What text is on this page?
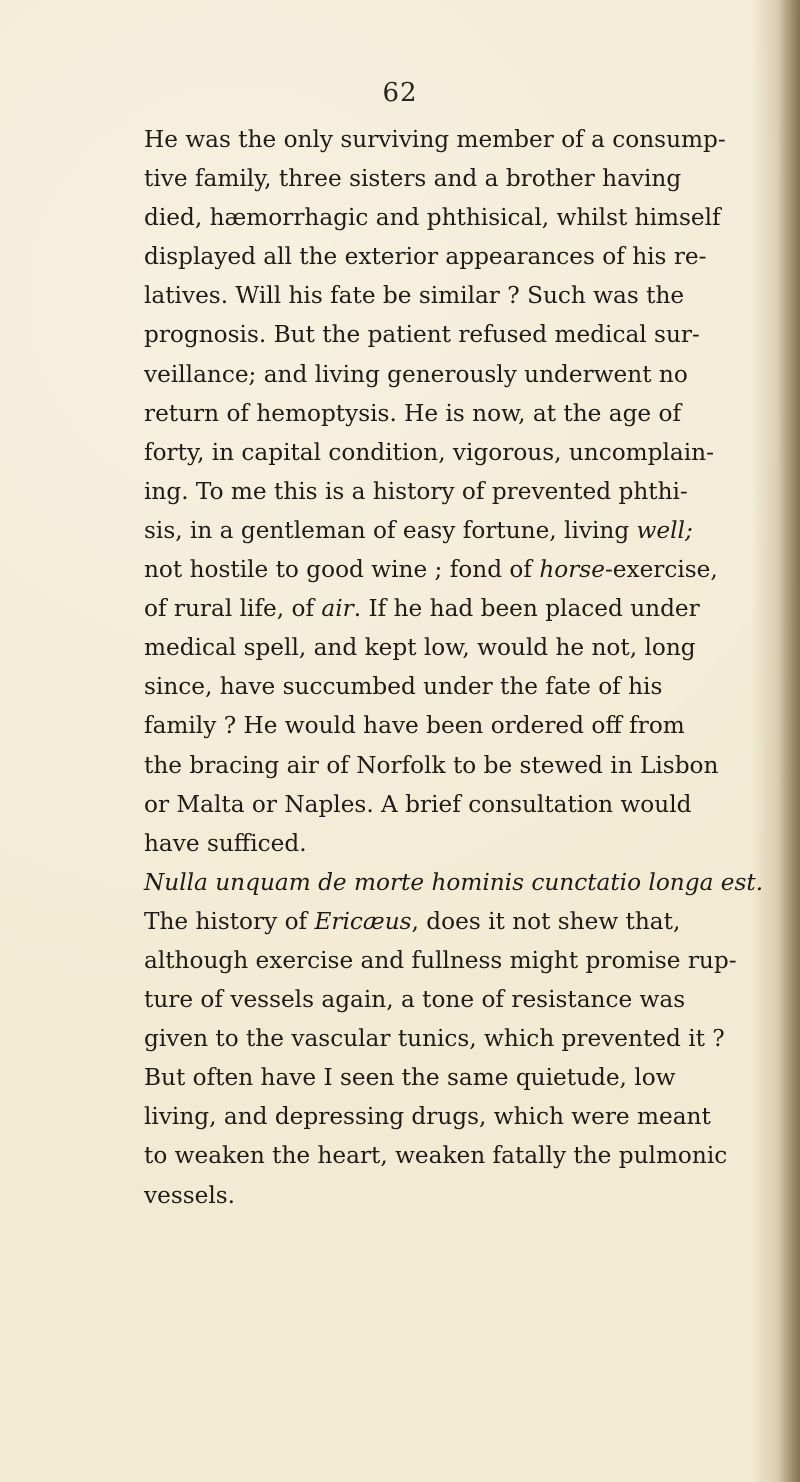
62
He was the only surviving member of a consump-
tive family, three sisters and a brother having
died, hæmorrhagic and phthisical, whilst himself
displayed all the exterior appearances of his re-
latives. Will his fate be similar ? Such was the
prognosis. But the patient refused medical sur-
veillance; and living generously underwent no
return of hemoptysis. He is now, at the age of
forty, in capital condition, vigorous, uncomplain-
ing. To me this is a history of prevented phthi-
sis, in a gentleman of easy fortune, living well;
not hostile to good wine ; fond of horse-exercise,
of rural life, of air. If he had been placed under
medical spell, and kept low, would he not, long
since, have succumbed under the fate of his
family ? He would have been ordered off from
the bracing air of Norfolk to be stewed in Lisbon
or Malta or Naples. A brief consultation would
have sufficed.
Nulla unquam de morte hominis cunctatio longa est.
The history of Ericæus, does it not shew that,
although exercise and fullness might promise rup-
ture of vessels again, a tone of resistance was
given to the vascular tunics, which prevented it ?
But often have I seen the same quietude, low
living, and depressing drugs, which were meant
to weaken the heart, weaken fatally the pulmonic
vessels.
